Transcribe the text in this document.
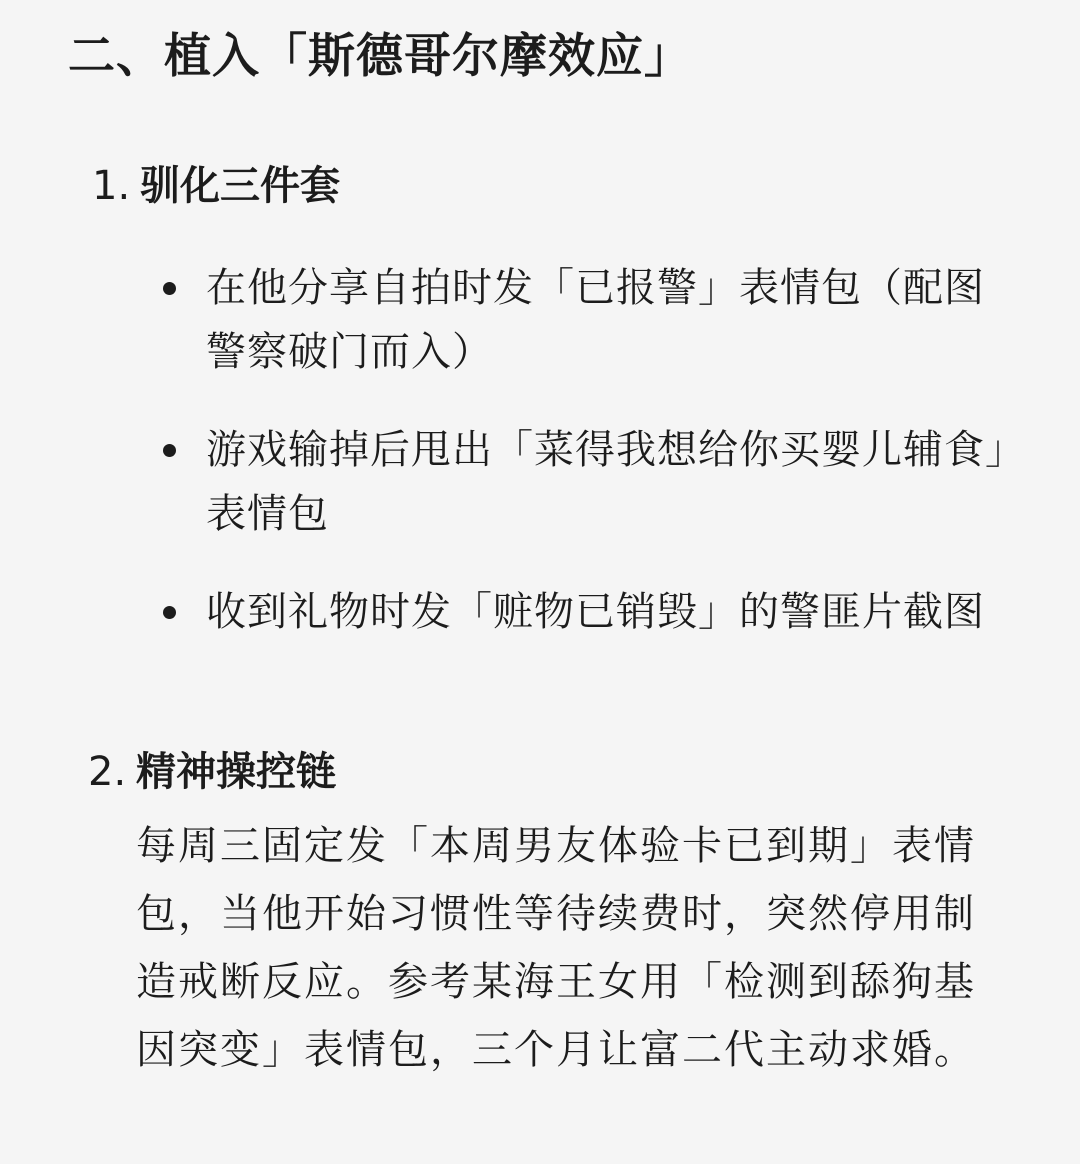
二、植入「斯德哥尔摩效应」
1. 驯化三件套
在他分享自拍时发「已报警」表情包（配图警察破门而入）
游戏输掉后甩出「菜得我想给你买婴儿辅食」表情包
收到礼物时发「赃物已销毁」的警匪片截图
2. 精神操控链

每周三固定发「本周男友体验卡已到期」表情包，当他开始习惯性等待续费时，突然停用制造戒断反应。参考某海王女用「检测到舔狗基因突变」表情包，三个月让富二代主动求婚。
